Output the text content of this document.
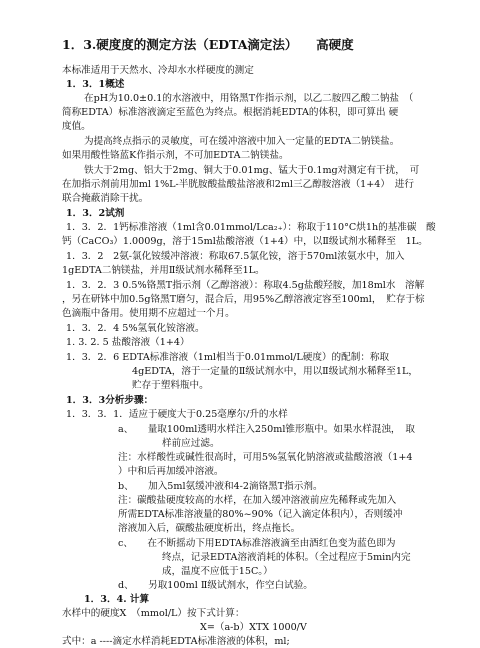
1．3.硬度度的测定方法（EDTA滴定法）　　高硬度
本标准适用于天然水、冷却水水样硬度的测定
1．3．1概述
在pH为10.0±0.1的水溶液中，用铬黑T作指示剂，以乙二胺四乙酸二钠盐　（
简称EDTA）标准溶液滴定至蓝色为终点。根据消耗EDTA的体积，即可算出 硬
度值。
为提高终点指示的灵敏度，可在缓冲溶液中加入一定量的EDTA二钠镁盐。
如果用酸性铬蓝K作指示剂，不可加EDTA二钠镁盐。
铁大于2mg、铝大于2mg、铜大于0.01mg、锰大于0.1mg对测定有干扰，　可
在加指示剂前用加ml 1%L-半胱胺酸盐酸盐溶液和2ml三乙醇胺溶液（1+4）　进行
联合掩蔽消除干扰。
1．3．2试剂
1．3．2．1钙标准溶液（1ml含0.01mmol/Lca₂₊）：称取于110°C烘1h的基准碳　酸
钙（CaCO₃）1.0009g，溶于15ml盐酸溶液（1+4）中，以Ⅱ级试剂水稀释至　1L。
1．3．2　2氨-氯化铵缓冲溶液：称取67.5氯化铵，溶于570ml浓氨水中，加入
1gEDTA二钠镁盐，并用Ⅱ级试剂水稀释至1L。
1．3．2．3 0.5%铬黑T指示剂（乙醇溶液）：称取4.5g盐酸羟胺，加18ml水　溶解
，另在研钵中加0.5g铬黑T磨匀，混合后，用95%乙醇溶液定容至100ml，　贮存于棕
色滴瓶中备用。使用期不应超过一个月。
1．3．2．4 5%氢氧化铵溶液。
1. 3. 2. 5 盐酸溶液（1+4）
1．3．2．6 EDTA标准溶液（1ml相当于0.01mmol/L硬度）的配制：称取
4gEDTA，溶于一定量的Ⅱ级试剂水中，用以Ⅱ级试剂水稀释至1L，
贮存于塑料瓶中。
1．3．3分析步骤：
1．3．3．1．适应于硬度大于0.25毫摩尔/升的水样
a、　　量取100ml透明水样注入250ml锥形瓶中。如果水样混浊，　取
样前应过滤。
注：水样酸性或碱性很高时，可用5%氢氧化钠溶液或盐酸溶液（1+4
）中和后再加缓冲溶液。
b、　　加入5ml氨缓冲液和4-2滴铬黑T指示剂。
注：碳酸盐硬度较高的水样，在加入缓冲溶液前应先稀释或先加入
所需EDTA标准溶液量的80%~90%（记入滴定体积内），否则缓冲
溶液加入后，碳酸盐硬度析出，终点拖长。
c、　　在不断摇动下用EDTA标准溶液滴至由酒红色变为蓝色即为
终点，记录EDTA溶液消耗的体积。（全过程应于5min内完
成，温度不应低于15C。）
d、　　另取100ml Ⅱ级试剂水，作空白试验。
1．3．4. 计算
水样中的硬度X　（mmol/L）按下式计算：
X=（a-b）XTX 1000/V
式中：a ----滴定水样消耗EDTA标准溶液的体积，ml;
